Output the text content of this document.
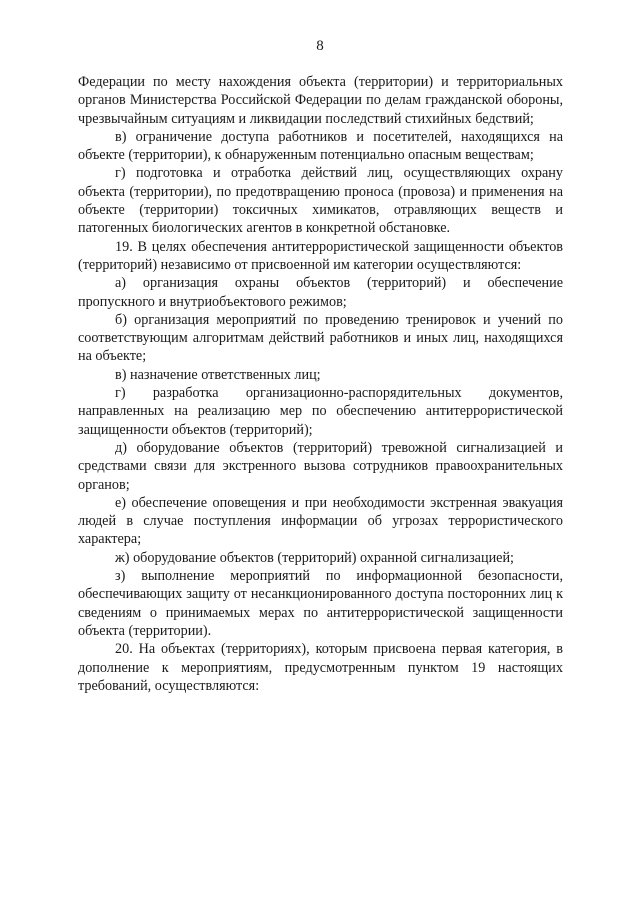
8

Федерации по месту нахождения объекта (территории) и территориальных органов Министерства Российской Федерации по делам гражданской обороны, чрезвычайным ситуациям и ликвидации последствий стихийных бедствий;

в) ограничение доступа работников и посетителей, находящихся на объекте (территории), к обнаруженным потенциально опасным веществам;

г) подготовка и отработка действий лиц, осуществляющих охрану объекта (территории), по предотвращению проноса (провоза) и применения на объекте (территории) токсичных химикатов, отравляющих веществ и патогенных биологических агентов в конкретной обстановке.

19. В целях обеспечения антитеррористической защищенности объектов (территорий) независимо от присвоенной им категории осуществляются:

а) организация охраны объектов (территорий) и обеспечение пропускного и внутриобъектового режимов;

б) организация мероприятий по проведению тренировок и учений по соответствующим алгоритмам действий работников и иных лиц, находящихся на объекте;

в) назначение ответственных лиц;

г) разработка организационно-распорядительных документов, направленных на реализацию мер по обеспечению антитеррористической защищенности объектов (территорий);

д) оборудование объектов (территорий) тревожной сигнализацией и средствами связи для экстренного вызова сотрудников правоохранительных органов;

е) обеспечение оповещения и при необходимости экстренная эвакуация людей в случае поступления информации об угрозах террористического характера;

ж) оборудование объектов (территорий) охранной сигнализацией;

з) выполнение мероприятий по информационной безопасности, обеспечивающих защиту от несанкционированного доступа посторонних лиц к сведениям о принимаемых мерах по антитеррористической защищенности объекта (территории).

20. На объектах (территориях), которым присвоена первая категория, в дополнение к мероприятиям, предусмотренным пунктом 19 настоящих требований, осуществляются:
